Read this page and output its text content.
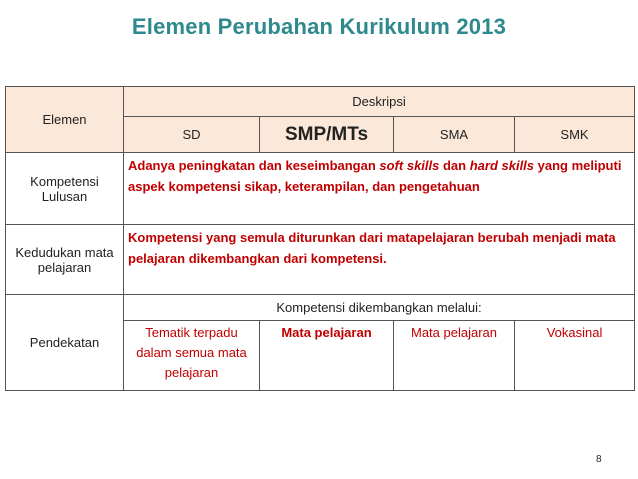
Elemen Perubahan Kurikulum 2013
Elemen	Deskripsi			
	SD	SMP/MTs	SMA	SMK
Kompetensi Lulusan	Adanya peningkatan dan keseimbangan soft skills dan hard skills yang meliputi aspek kompetensi sikap, keterampilan, dan pengetahuan			
Kedudukan mata pelajaran	Kompetensi yang semula diturunkan dari matapelajaran berubah menjadi mata pelajaran dikembangkan dari kompetensi.			
Pendekatan	Kompetensi dikembangkan melalui:			
	Tematik terpadu dalam semua mata pelajaran	Mata pelajaran	Mata pelajaran	Vokasinal
8
